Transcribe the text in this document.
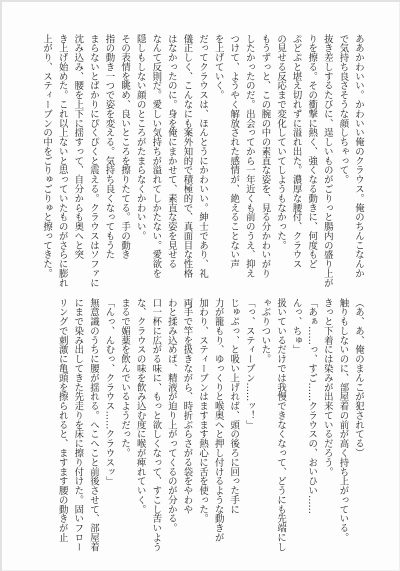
ああかわいい。かわいい俺のクラウス。俺のちんこなんか
で気持ち良さそうな顔しちゃって。
抜き差しするたびに、逞しいものがごりっと腸内の盛り上が
りを擦る。その衝撃に熱く、強くなる動きに、何度もど
ぷどぷと堪え切れずに溢れ出た。濃厚な腰付、クラウス
の見せる反応まで変化していてしようもなかった。
もうずっと、この腕の中の素直な姿を、見る分かわいがり
したかったのだ。出会ってから一年近くも前のうえ、抑え
つけて、ようやく解放された感情が、絶えることない声
を上げていく。
だってクラウスは、ほんとうにかわいい。紳士であり、礼
儀正しく、こんなにも案外知的で積極的で、真面目な性格
はなかったのに。身を俺にまかせて、素直な姿を見せる
なんて反則だ。愛しい気持ちが溢れてしかたない。愛欲を
隠しもしない顔のところがたまらなくかわいい。
その表情を眺め、良いところを擦りたてる。手の動き
指の動き一つで姿を変える。気持ち良くなってもうた
まらないとばかりにぴくぴくと震える。クラウスはソファに
沈み込み、腰を上下に揺すって、自分からも奥へと突
き上げ始めた。これ以上ないと思っていたものがさらに膨れ
上がり、スティーブンの中をごりゅごりゅと擦ってきた。
（あ、あ、俺のまんこが犯されてる）
触りもしないのに、部屋着の前が高く持ち上がっている。
きっと下着には染みが出来ているだろう。
「あぁ……っ、すご……クラウスの、おいひい……
んっ、ちゅ」
扱いているだけでは我慢できなくなって、どうにも先端にし
ゃぶりついた。
「っ、スティーブン……ッ！」
じゅぷっ、と吸い上げれば、頭の後ろに回った手に
力が籠もり、ゆっくりと喉奥へと押し付けるような動きが
加わり、スティーブンはますます熱心に舌を使った。
両手で竿を扱きながら、時折ぶらさがる袋をやわや
わと揉み込めば、精液が迫り上がってくるのが分かる。
口一杯に広がる味に、もっと欲しくなって、すこし苦いよう
な、クラウスの味を飲み込む度に喉が痺れていく。
まるで媚薬を飲んでいるようだった。
「んっ、んむっ、クラウス……クラウスッ」
無意識のうちに腰が揺れる。へこへこと前後させて、部屋着
にまで染み出してきた先走りを床に擦り付けた。固いフロー
リングで刺激に亀頭を擦られると、ますます腰の動きが止
